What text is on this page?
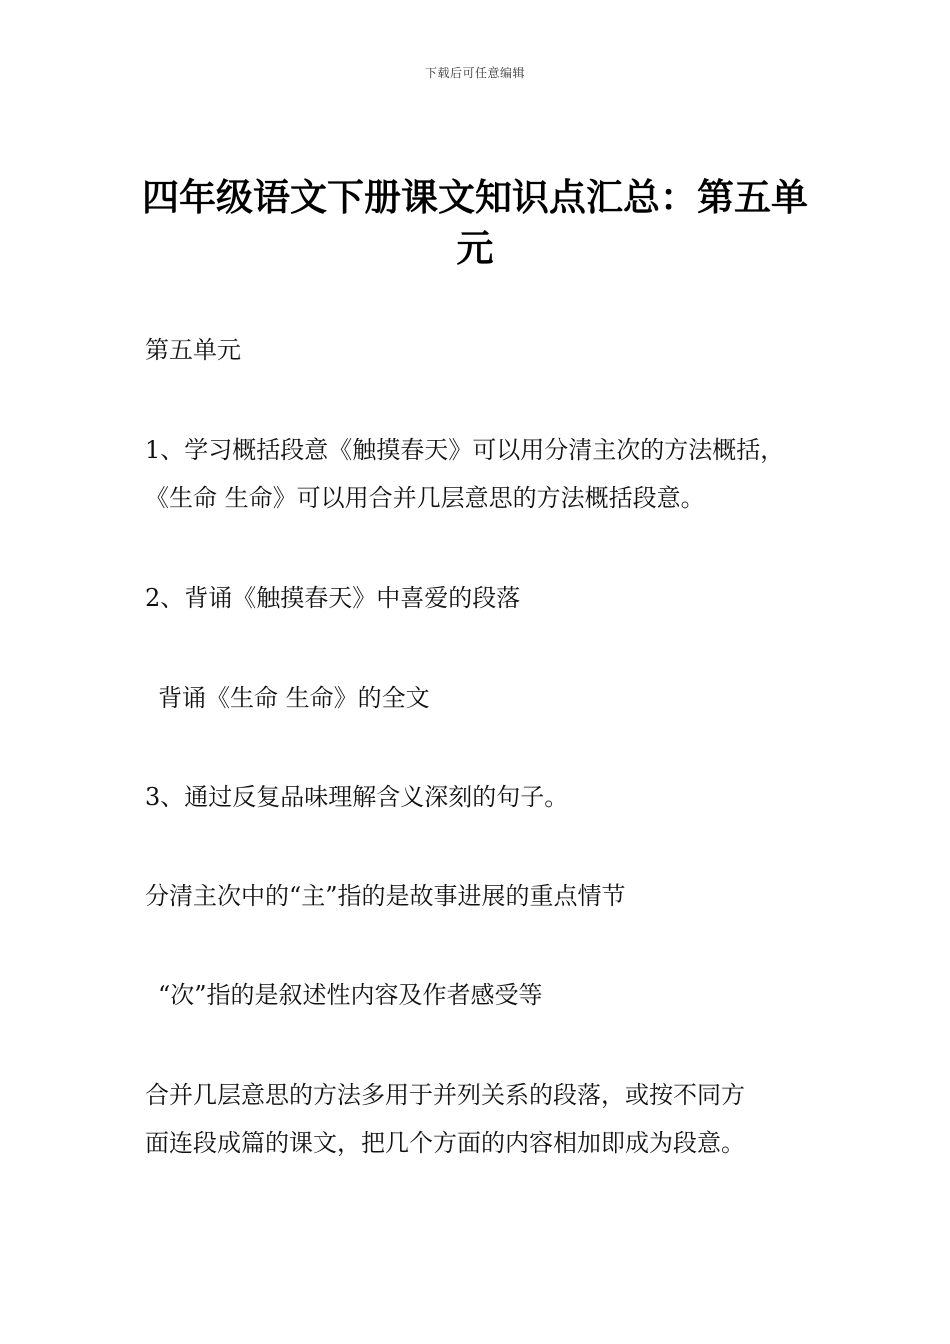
下载后可任意编辑
四年级语文下册课文知识点汇总：第五单
元
第五单元
1、学习概括段意《触摸春天》可以用分清主次的方法概括，
《生命 生命》可以用合并几层意思的方法概括段意。
2、背诵《触摸春天》中喜爱的段落
背诵《生命 生命》的全文
3、通过反复品味理解含义深刻的句子。
分清主次中的“主”指的是故事进展的重点情节
“次”指的是叙述性内容及作者感受等
合并几层意思的方法多用于并列关系的段落，或按不同方
面连段成篇的课文，把几个方面的内容相加即成为段意。
